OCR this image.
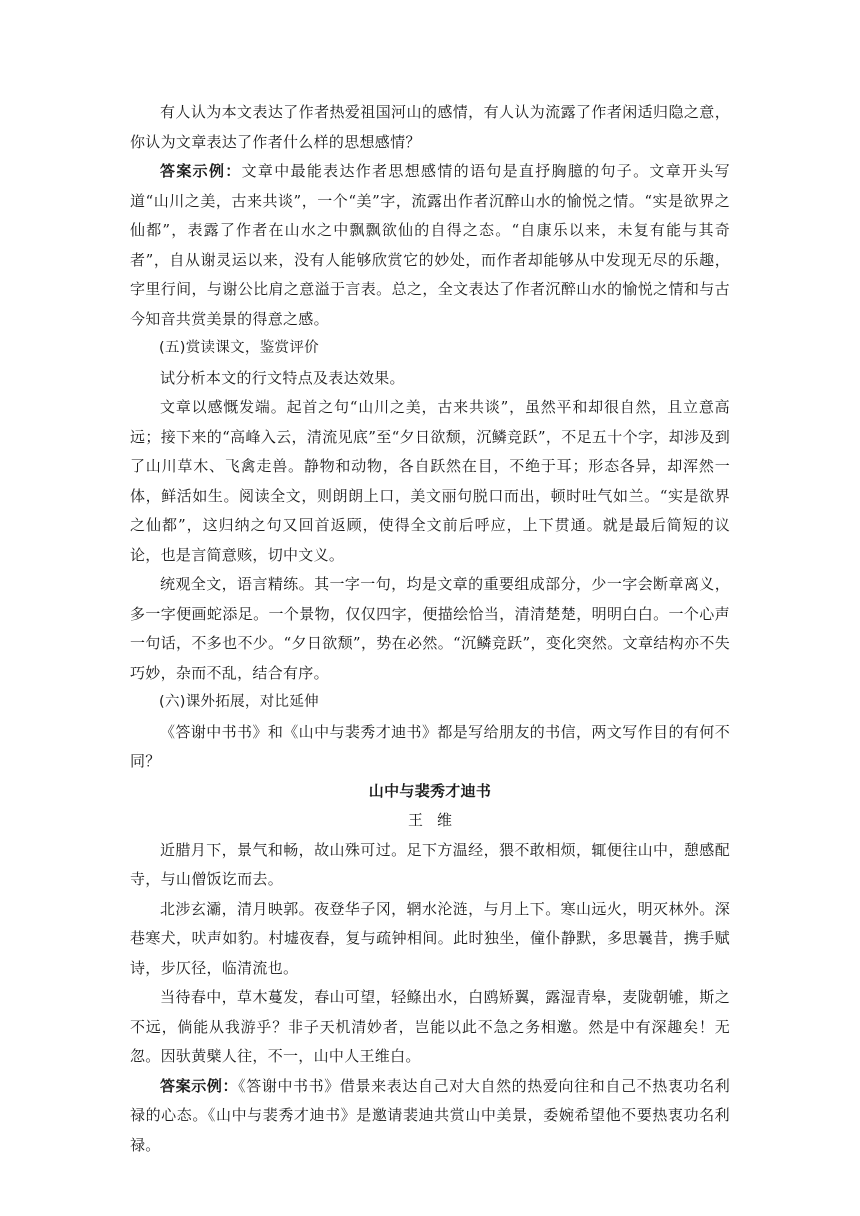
有人认为本文表达了作者热爱祖国河山的感情，有人认为流露了作者闲适归隐之意，你认为文章表达了作者什么样的思想感情？

答案示例：文章中最能表达作者思想感情的语句是直抒胸臆的句子。文章开头写道“山川之美，古来共谈”，一个“美”字，流露出作者沉醉山水的愉悦之情。“实是欲界之仙都”，表露了作者在山水之中飘飘欲仙的自得之态。“自康乐以来，未复有能与其奇者”，自从谢灵运以来，没有人能够欣赏它的妙处，而作者却能够从中发现无尽的乐趣，字里行间，与谢公比肩之意溢于言表。总之，全文表达了作者沉醉山水的愉悦之情和与古今知音共赏美景的得意之感。

(五)赏读课文，鉴赏评价

试分析本文的行文特点及表达效果。

文章以感慨发端。起首之句“山川之美，古来共谈”，虽然平和却很自然，且立意高远；接下来的“高峰入云，清流见底”至“夕日欲颓，沉鳞竞跃”，不足五十个字，却涉及到了山川草木、飞禽走兽。静物和动物，各自跃然在目，不绝于耳；形态各异，却浑然一体，鲜活如生。阅读全文，则朗朗上口，美文丽句脱口而出，顿时吐气如兰。“实是欲界之仙都”，这归纳之句又回首返顾，使得全文前后呼应，上下贯通。就是最后简短的议论，也是言简意赅，切中文义。

统观全文，语言精练。其一字一句，均是文章的重要组成部分，少一字会断章离义，多一字便画蛇添足。一个景物，仅仅四字，便描绘恰当，清清楚楚，明明白白。一个心声一句话，不多也不少。“夕日欲颓”，势在必然。“沉鳞竞跃”，变化突然。文章结构亦不失巧妙，杂而不乱，结合有序。

(六)课外拓展，对比延伸

《答谢中书书》和《山中与裴秀才迪书》都是写给朋友的书信，两文写作目的有何不同？

山中与裴秀才迪书

王维

近腊月下，景气和畅，故山殊可过。足下方温经，猥不敢相烦，辄便往山中，憩感配寺，与山僧饭讫而去。

北涉玄灞，清月映郭。夜登华子冈，辋水沦涟，与月上下。寒山远火，明灭林外。深巷寒犬，吠声如豹。村墟夜舂，复与疏钟相间。此时独坐，僮仆静默，多思曩昔，携手赋诗，步仄径，临清流也。

当待春中，草木蔓发，春山可望，轻鲦出水，白鸥矫翼，露湿青皋，麦陇朝雊，斯之不远，倘能从我游乎？非子天机清妙者，岂能以此不急之务相邀。然是中有深趣矣！无忽。因驮黄檗人往，不一，山中人王维白。

答案示例：《答谢中书书》借景来表达自己对大自然的热爱向往和自己不热衷功名利禄的心态。《山中与裴秀才迪书》是邀请裴迪共赏山中美景，委婉希望他不要热衷功名利禄。
